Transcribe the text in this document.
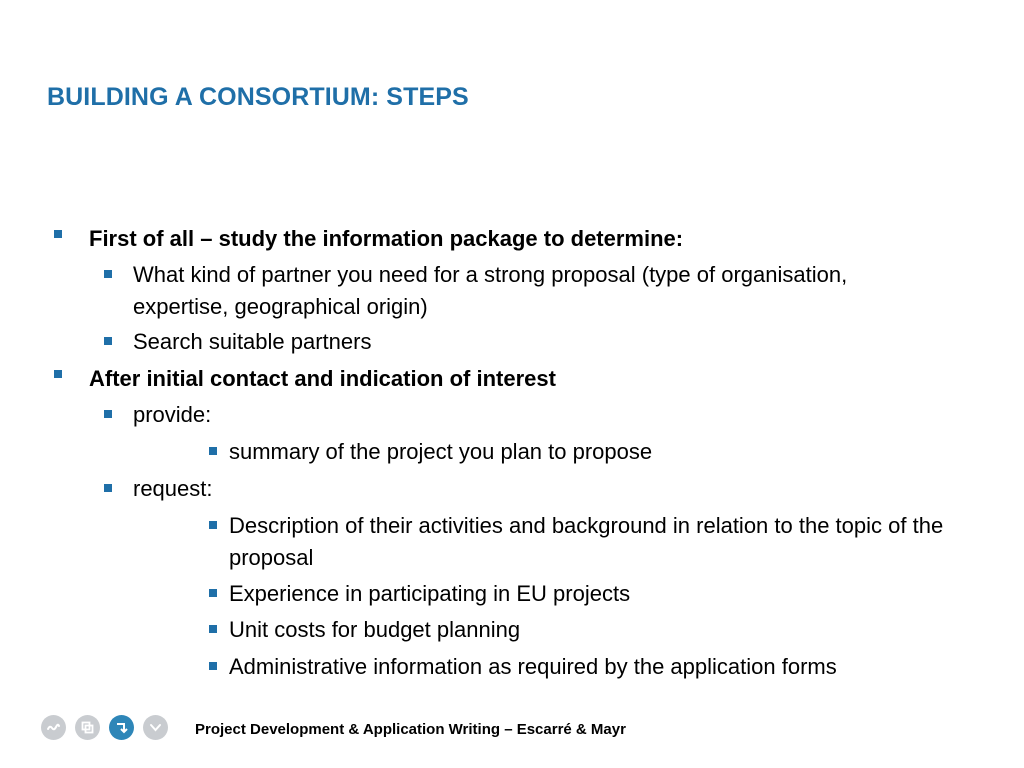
BUILDING A CONSORTIUM: STEPS
First of all – study the information package to determine:
What kind of partner you need for a strong proposal (type of organisation, expertise, geographical origin)
Search suitable partners
After initial contact and indication of interest
provide:
summary of the project you plan to propose
request:
Description of their activities and background in relation to the topic of the proposal
Experience in participating in EU projects
Unit costs for budget planning
Administrative information as required by the application forms
Project Development & Application Writing – Escarré & Mayr
